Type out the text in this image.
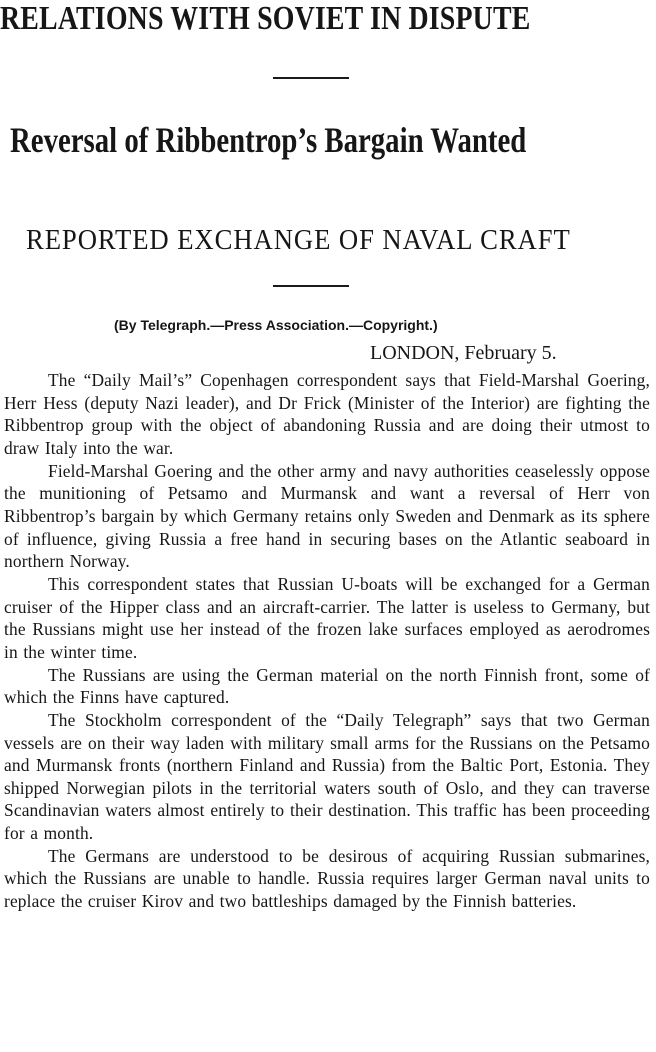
RELATIONS WITH SOVIET IN DISPUTE
Reversal of Ribbentrop’s Bargain Wanted
REPORTED EXCHANGE OF NAVAL CRAFT

(By Telegraph.—Press Association.—Copyright.)

LONDON, February 5.

The “Daily Mail’s” Copenhagen correspondent says that Field-Marshal Goering, Herr Hess (deputy Nazi leader), and Dr Frick (Minister of the Interior) are fighting the Ribbentrop group with the object of abandoning Russia and are doing their utmost to draw Italy into the war.

Field-Marshal Goering and the other army and navy authorities ceaselessly oppose the munitioning of Petsamo and Murmansk and want a reversal of Herr von Ribbentrop’s bargain by which Germany retains only Sweden and Denmark as its sphere of influence, giving Russia a free hand in securing bases on the Atlantic seaboard in northern Norway.

This correspondent states that Russian U-boats will be exchanged for a German cruiser of the Hipper class and an aircraft-carrier. The latter is useless to Germany, but the Russians might use her instead of the frozen lake surfaces employed as aerodromes in the winter time.

The Russians are using the German material on the north Finnish front, some of which the Finns have captured.

The Stockholm correspondent of the “Daily Telegraph” says that two German vessels are on their way laden with military small arms for the Russians on the Petsamo and Murmansk fronts (northern Finland and Russia) from the Baltic Port, Estonia. They shipped Norwegian pilots in the territorial waters south of Oslo, and they can traverse Scandinavian waters almost entirely to their destination. This traffic has been proceeding for a month.

The Germans are understood to be desirous of acquiring Russian submarines, which the Russians are unable to handle. Russia requires larger German naval units to replace the cruiser Kirov and two battleships damaged by the Finnish batteries.
